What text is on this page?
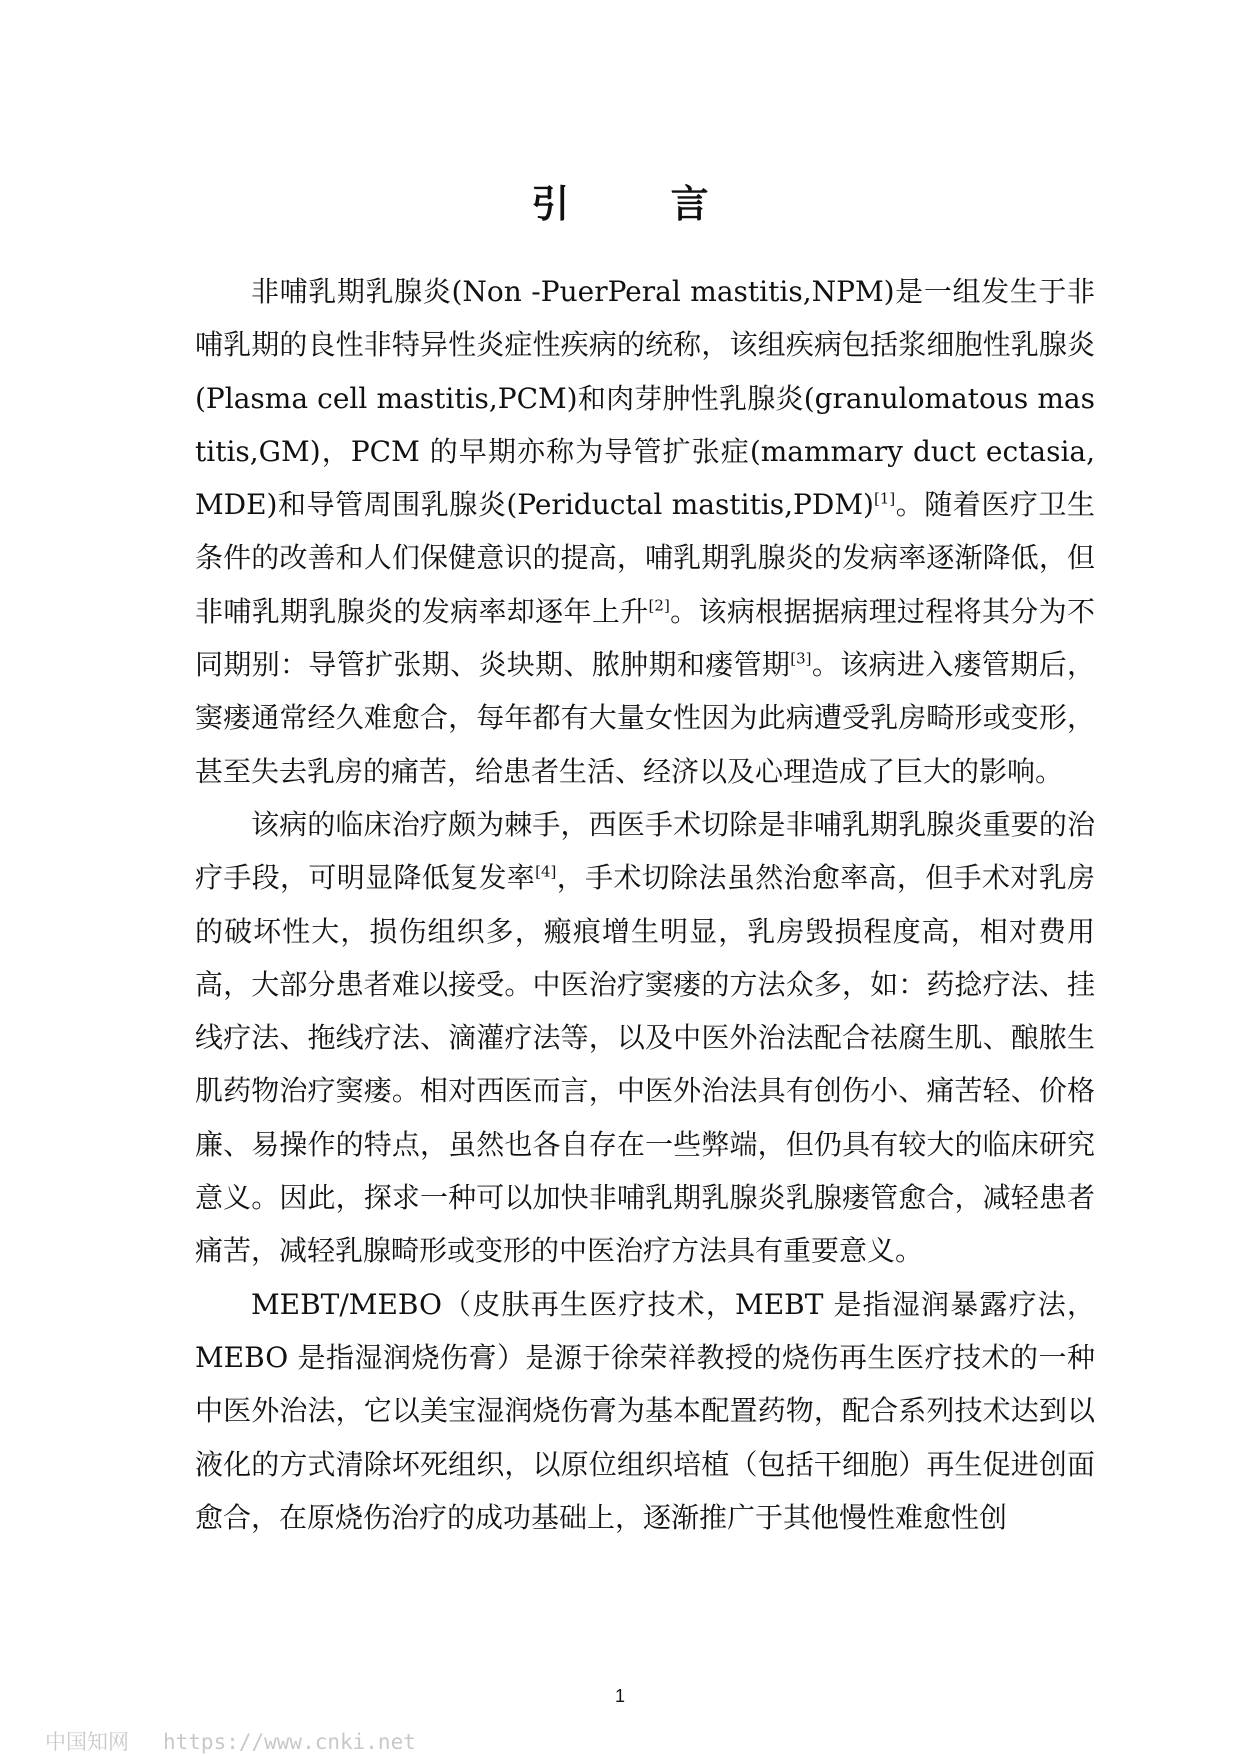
引 言

非哺乳期乳腺炎(Non -PuerPeral mastitis,NPM)是一组发生于非哺乳期的良性非特异性炎症性疾病的统称，该组疾病包括浆细胞性乳腺炎(Plasma cell mastitis,PCM)和肉芽肿性乳腺炎(granulomatous mastitis,GM)，PCM 的早期亦称为导管扩张症(mammary duct ectasia,MDE)和导管周围乳腺炎(Periductal mastitis,PDM)[1]。随着医疗卫生条件的改善和人们保健意识的提高，哺乳期乳腺炎的发病率逐渐降低，但非哺乳期乳腺炎的发病率却逐年上升[2]。该病根据据病理过程将其分为不同期别：导管扩张期、炎块期、脓肿期和瘘管期[3]。该病进入瘘管期后，窦瘘通常经久难愈合，每年都有大量女性因为此病遭受乳房畸形或变形，甚至失去乳房的痛苦，给患者生活、经济以及心理造成了巨大的影响。

该病的临床治疗颇为棘手，西医手术切除是非哺乳期乳腺炎重要的治疗手段，可明显降低复发率[4]，手术切除法虽然治愈率高，但手术对乳房的破坏性大，损伤组织多，瘢痕增生明显，乳房毁损程度高，相对费用高，大部分患者难以接受。中医治疗窦瘘的方法众多，如：药捻疗法、挂线疗法、拖线疗法、滴灌疗法等，以及中医外治法配合祛腐生肌、酿脓生肌药物治疗窦瘘。相对西医而言，中医外治法具有创伤小、痛苦轻、价格廉、易操作的特点，虽然也各自存在一些弊端，但仍具有较大的临床研究意义。因此，探求一种可以加快非哺乳期乳腺炎乳腺瘘管愈合，减轻患者痛苦，减轻乳腺畸形或变形的中医治疗方法具有重要意义。

MEBT/MEBO（皮肤再生医疗技术，MEBT 是指湿润暴露疗法，MEBO 是指湿润烧伤膏）是源于徐荣祥教授的烧伤再生医疗技术的一种中医外治法，它以美宝湿润烧伤膏为基本配置药物，配合系列技术达到以液化的方式清除坏死组织，以原位组织培植（包括干细胞）再生促进创面愈合，在原烧伤治疗的成功基础上，逐渐推广于其他慢性难愈性创

1
中国知网 https://www.cnki.net
